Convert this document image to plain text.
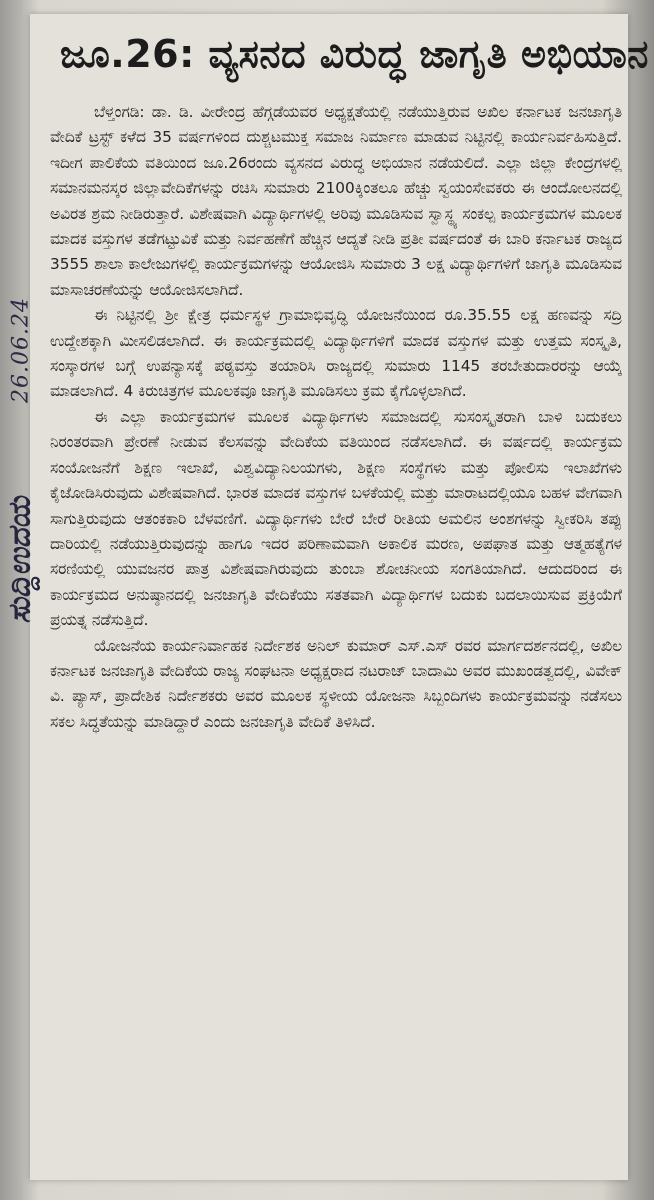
ಜೂ.26: ವ್ಯಸನದ ವಿರುದ್ಧ ಜಾಗೃತಿ ಅಭಿಯಾನ
26.06.24
ಸುದ್ದಿಉದಯ

ಬೆಳ್ತಂಗಡಿ: ಡಾ. ಡಿ. ವೀರೇಂದ್ರ ಹೆಗ್ಗಡೆಯವರ ಅಧ್ಯಕ್ಷತೆಯಲ್ಲಿ ನಡೆಯುತ್ತಿರುವ ಅಖಿಲ ಕರ್ನಾಟಕ ಜನಜಾಗೃತಿ ವೇದಿಕೆ ಟ್ರಸ್ಟ್ ಕಳೆದ 35 ವರ್ಷಗಳಿಂದ ದುಶ್ಚಟಮುಕ್ತ ಸಮಾಜ ನಿರ್ಮಾಣ ಮಾಡುವ ನಿಟ್ಟಿನಲ್ಲಿ ಕಾರ್ಯನಿರ್ವಹಿಸುತ್ತಿದೆ. ಇದೀಗ ಪಾಲಿಕೆಯ ವತಿಯಿಂದ ಜೂ.26ರಂದು ವ್ಯಸನದ ವಿರುದ್ಧ ಅಭಿಯಾನ ನಡೆಯಲಿದೆ. ಎಲ್ಲಾ ಜಿಲ್ಲಾ ಕೇಂದ್ರಗಳಲ್ಲಿ ಸಮಾನಮನಸ್ಕರ ಜಿಲ್ಲಾವೇದಿಕೆಗಳನ್ನು ರಚಿಸಿ ಸುಮಾರು 2100ಕ್ಕಿಂತಲೂ ಹೆಚ್ಚು ಸ್ವಯಂಸೇವಕರು ಈ ಆಂದೋಲನದಲ್ಲಿ ಅವಿರತ ಶ್ರಮ ನೀಡಿರುತ್ತಾರೆ. ವಿಶೇಷವಾಗಿ ವಿದ್ಯಾರ್ಥಿಗಳಲ್ಲಿ ಅರಿವು ಮೂಡಿಸುವ ಸ್ವಾಸ್ಥ್ಯ ಸಂಕಲ್ಪ ಕಾರ್ಯಕ್ರಮಗಳ ಮೂಲಕ ಮಾದಕ ವಸ್ತುಗಳ ತಡೆಗಟ್ಟುವಿಕೆ ಮತ್ತು ನಿರ್ವಹಣೆಗೆ ಹೆಚ್ಚಿನ ಆದ್ಯತೆ ನೀಡಿ ಪ್ರತೀ ವರ್ಷದಂತೆ ಈ ಬಾರಿ ಕರ್ನಾಟಕ ರಾಜ್ಯದ 3555 ಶಾಲಾ ಕಾಲೇಜುಗಳಲ್ಲಿ ಕಾರ್ಯಕ್ರಮಗಳನ್ನು ಆಯೋಜಿಸಿ ಸುಮಾರು 3 ಲಕ್ಷ ವಿದ್ಯಾರ್ಥಿಗಳಿಗೆ ಜಾಗೃತಿ ಮೂಡಿಸುವ ಮಾಸಾಚರಣೆಯನ್ನು ಆಯೋಜಿಸಲಾಗಿದೆ.

ಈ ನಿಟ್ಟಿನಲ್ಲಿ ಶ್ರೀ ಕ್ಷೇತ್ರ ಧರ್ಮಸ್ಥಳ ಗ್ರಾಮಾಭಿವೃದ್ಧಿ ಯೋಜನೆಯಿಂದ ರೂ.35.55 ಲಕ್ಷ ಹಣವನ್ನು ಸದ್ರಿ ಉದ್ದೇಶಕ್ಕಾಗಿ ಮೀಸಲಿಡಲಾಗಿದೆ. ಈ ಕಾರ್ಯಕ್ರಮದಲ್ಲಿ ವಿದ್ಯಾರ್ಥಿಗಳಿಗೆ ಮಾದಕ ವಸ್ತುಗಳ ಮತ್ತು ಉತ್ತಮ ಸಂಸ್ಕೃತಿ, ಸಂಸ್ಕಾರಗಳ ಬಗ್ಗೆ ಉಪನ್ಯಾಸಕ್ಕೆ ಪಠ್ಯವಸ್ತು ತಯಾರಿಸಿ ರಾಜ್ಯದಲ್ಲಿ ಸುಮಾರು 1145 ತರಬೇತುದಾರರನ್ನು ಆಯ್ಕೆ ಮಾಡಲಾಗಿದೆ. 4 ಕಿರುಚಿತ್ರಗಳ ಮೂಲಕವೂ ಜಾಗೃತಿ ಮೂಡಿಸಲು ಕ್ರಮ ಕೈಗೊಳ್ಳಲಾಗಿದೆ.

ಈ ಎಲ್ಲಾ ಕಾರ್ಯಕ್ರಮಗಳ ಮೂಲಕ ವಿದ್ಯಾರ್ಥಿಗಳು ಸಮಾಜದಲ್ಲಿ ಸುಸಂಸ್ಕೃತರಾಗಿ ಬಾಳಿ ಬದುಕಲು ನಿರಂತರವಾಗಿ ಪ್ರೇರಣೆ ನೀಡುವ ಕೆಲಸವನ್ನು ವೇದಿಕೆಯ ವತಿಯಿಂದ ನಡೆಸಲಾಗಿದೆ. ಈ ವರ್ಷದಲ್ಲಿ ಕಾರ್ಯಕ್ರಮ ಸಂಯೋಜನೆಗೆ ಶಿಕ್ಷಣ ಇಲಾಖೆ, ವಿಶ್ವವಿದ್ಯಾನಿಲಯಗಳು, ಶಿಕ್ಷಣ ಸಂಸ್ಥೆಗಳು ಮತ್ತು ಪೋಲಿಸು ಇಲಾಖೆಗಳು ಕೈಜೋಡಿಸಿರುವುದು ವಿಶೇಷವಾಗಿದೆ. ಭಾರತ ಮಾದಕ ವಸ್ತುಗಳ ಬಳಕೆಯಲ್ಲಿ ಮತ್ತು ಮಾರಾಟದಲ್ಲಿಯೂ ಬಹಳ ವೇಗವಾಗಿ ಸಾಗುತ್ತಿರುವುದು ಆತಂಕಕಾರಿ ಬೆಳವಣಿಗೆ. ವಿದ್ಯಾರ್ಥಿಗಳು ಬೇರೆ ಬೇರೆ ರೀತಿಯ ಅಮಲಿನ ಅಂಶಗಳನ್ನು ಸ್ವೀಕರಿಸಿ ತಪ್ಪು ದಾರಿಯಲ್ಲಿ ನಡೆಯುತ್ತಿರುವುದನ್ನು ಹಾಗೂ ಇದರ ಪರಿಣಾಮವಾಗಿ ಅಕಾಲಿಕ ಮರಣ, ಅಪಘಾತ ಮತ್ತು ಆತ್ಮಹತ್ಯೆಗಳ ಸರಣಿಯಲ್ಲಿ ಯುವಜನರ ಪಾತ್ರ ವಿಶೇಷವಾಗಿರುವುದು ತುಂಬಾ ಶೋಚನೀಯ ಸಂಗತಿಯಾಗಿದೆ. ಆದುದರಿಂದ ಈ ಕಾರ್ಯಕ್ರಮದ ಅನುಷ್ಠಾನದಲ್ಲಿ ಜನಜಾಗೃತಿ ವೇದಿಕೆಯು ಸತತವಾಗಿ ವಿದ್ಯಾರ್ಥಿಗಳ ಬದುಕು ಬದಲಾಯಿಸುವ ಪ್ರಕ್ರಿಯೆಗೆ ಪ್ರಯತ್ನ ನಡೆಸುತ್ತಿದೆ.

ಯೋಜನೆಯ ಕಾರ್ಯನಿರ್ವಾಹಕ ನಿರ್ದೇಶಕ ಅನಿಲ್ ಕುಮಾರ್ ಎಸ್.ಎಸ್ ರವರ ಮಾರ್ಗದರ್ಶನದಲ್ಲಿ, ಅಖಿಲ ಕರ್ನಾಟಕ ಜನಜಾಗೃತಿ ವೇದಿಕೆಯ ರಾಜ್ಯ ಸಂಘಟನಾ ಅಧ್ಯಕ್ಷರಾದ ನಟರಾಜ್ ಬಾದಾಮಿ ಅವರ ಮುಖಂಡತ್ವದಲ್ಲಿ, ವಿವೇಕ್ ವಿ. ಪ್ಯಾಸ್, ಪ್ರಾದೇಶಿಕ ನಿರ್ದೇಶಕರು ಅವರ ಮೂಲಕ ಸ್ಥಳೀಯ ಯೋಜನಾ ಸಿಬ್ಬಂದಿಗಳು ಕಾರ್ಯಕ್ರಮವನ್ನು ನಡೆಸಲು ಸಕಲ ಸಿದ್ಧತೆಯನ್ನು ಮಾಡಿದ್ದಾರೆ ಎಂದು ಜನಜಾಗೃತಿ ವೇದಿಕೆ ತಿಳಿಸಿದೆ.
